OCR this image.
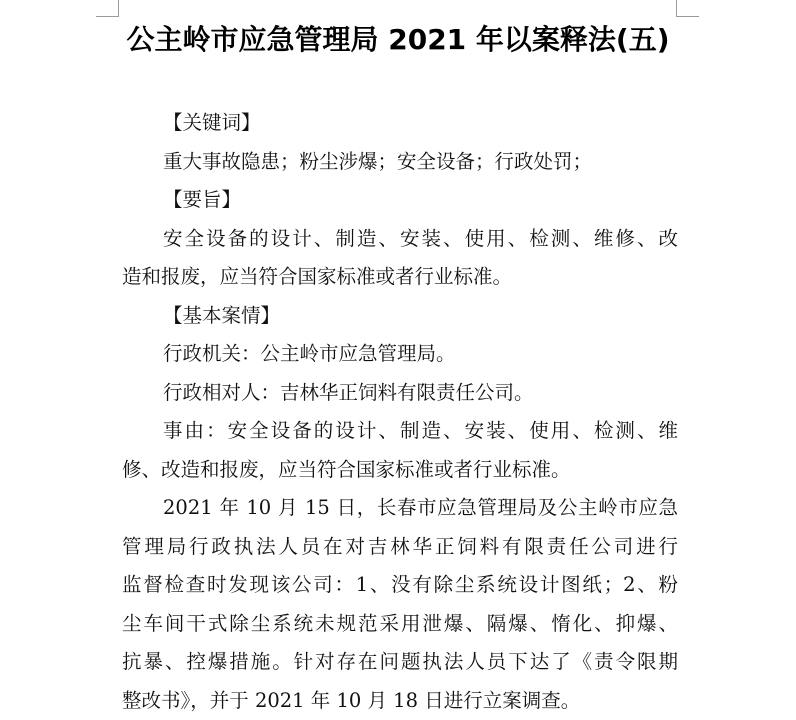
公主岭市应急管理局 2021 年以案释法(五)
【关键词】
重大事故隐患；粉尘涉爆；安全设备；行政处罚；
【要旨】
安全设备的设计、制造、安装、使用、检测、维修、改
造和报废，应当符合国家标准或者行业标准。
【基本案情】
行政机关：公主岭市应急管理局。
行政相对人：吉林华正饲料有限责任公司。
事由：安全设备的设计、制造、安装、使用、检测、维
修、改造和报废，应当符合国家标准或者行业标准。
2021 年 10 月 15 日，长春市应急管理局及公主岭市应急
管理局行政执法人员在对吉林华正饲料有限责任公司进行
监督检查时发现该公司：1、没有除尘系统设计图纸；2、粉
尘车间干式除尘系统未规范采用泄爆、隔爆、惰化、抑爆、
抗暴、控爆措施。针对存在问题执法人员下达了《责令限期
整改书》，并于 2021 年 10 月 18 日进行立案调查。
